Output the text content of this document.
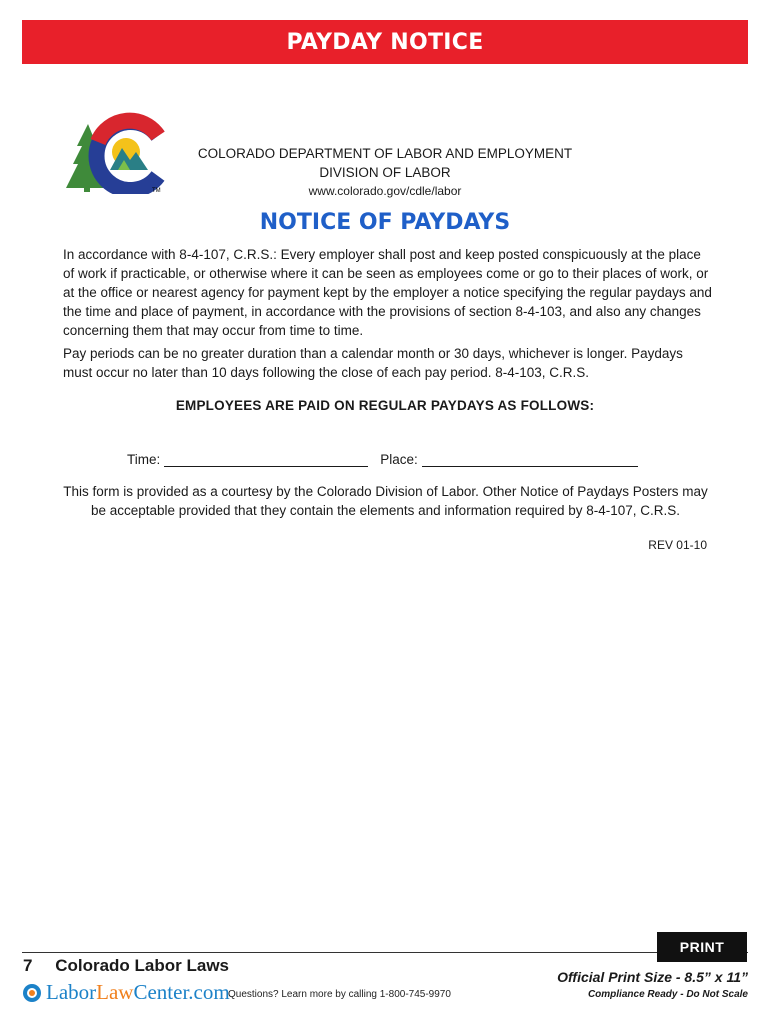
PAYDAY NOTICE
TM
COLORADO DEPARTMENT OF LABOR AND EMPLOYMENT
DIVISION OF LABOR
www.colorado.gov/cdle/labor
NOTICE OF PAYDAYS
In accordance with 8-4-107, C.R.S.: Every employer shall post and keep posted conspicuously at the place of work if practicable, or otherwise where it can be seen as employees come or go to their places of work, or at the office or nearest agency for payment kept by the employer a notice specifying the regular paydays and the time and place of payment, in accordance with the provisions of section 8-4-103, and also any changes concerning them that may occur from time to time.
Pay periods can be no greater duration than a calendar month or 30 days, whichever is longer. Paydays must occur no later than 10 days following the close of each pay period. 8-4-103, C.R.S.
EMPLOYEES ARE PAID ON REGULAR PAYDAYS AS FOLLOWS:
Time:	Place:
This form is provided as a courtesy by the Colorado Division of Labor. Other Notice of Paydays Posters may be acceptable provided that they contain the elements and information required by 8-4-107, C.R.S.
REV 01-10
PRINT
7 Colorado Labor Laws
LaborLawCenter.com
Questions? Learn more by calling 1-800-745-9970
Official Print Size - 8.5” x 11”
Compliance Ready - Do Not Scale
